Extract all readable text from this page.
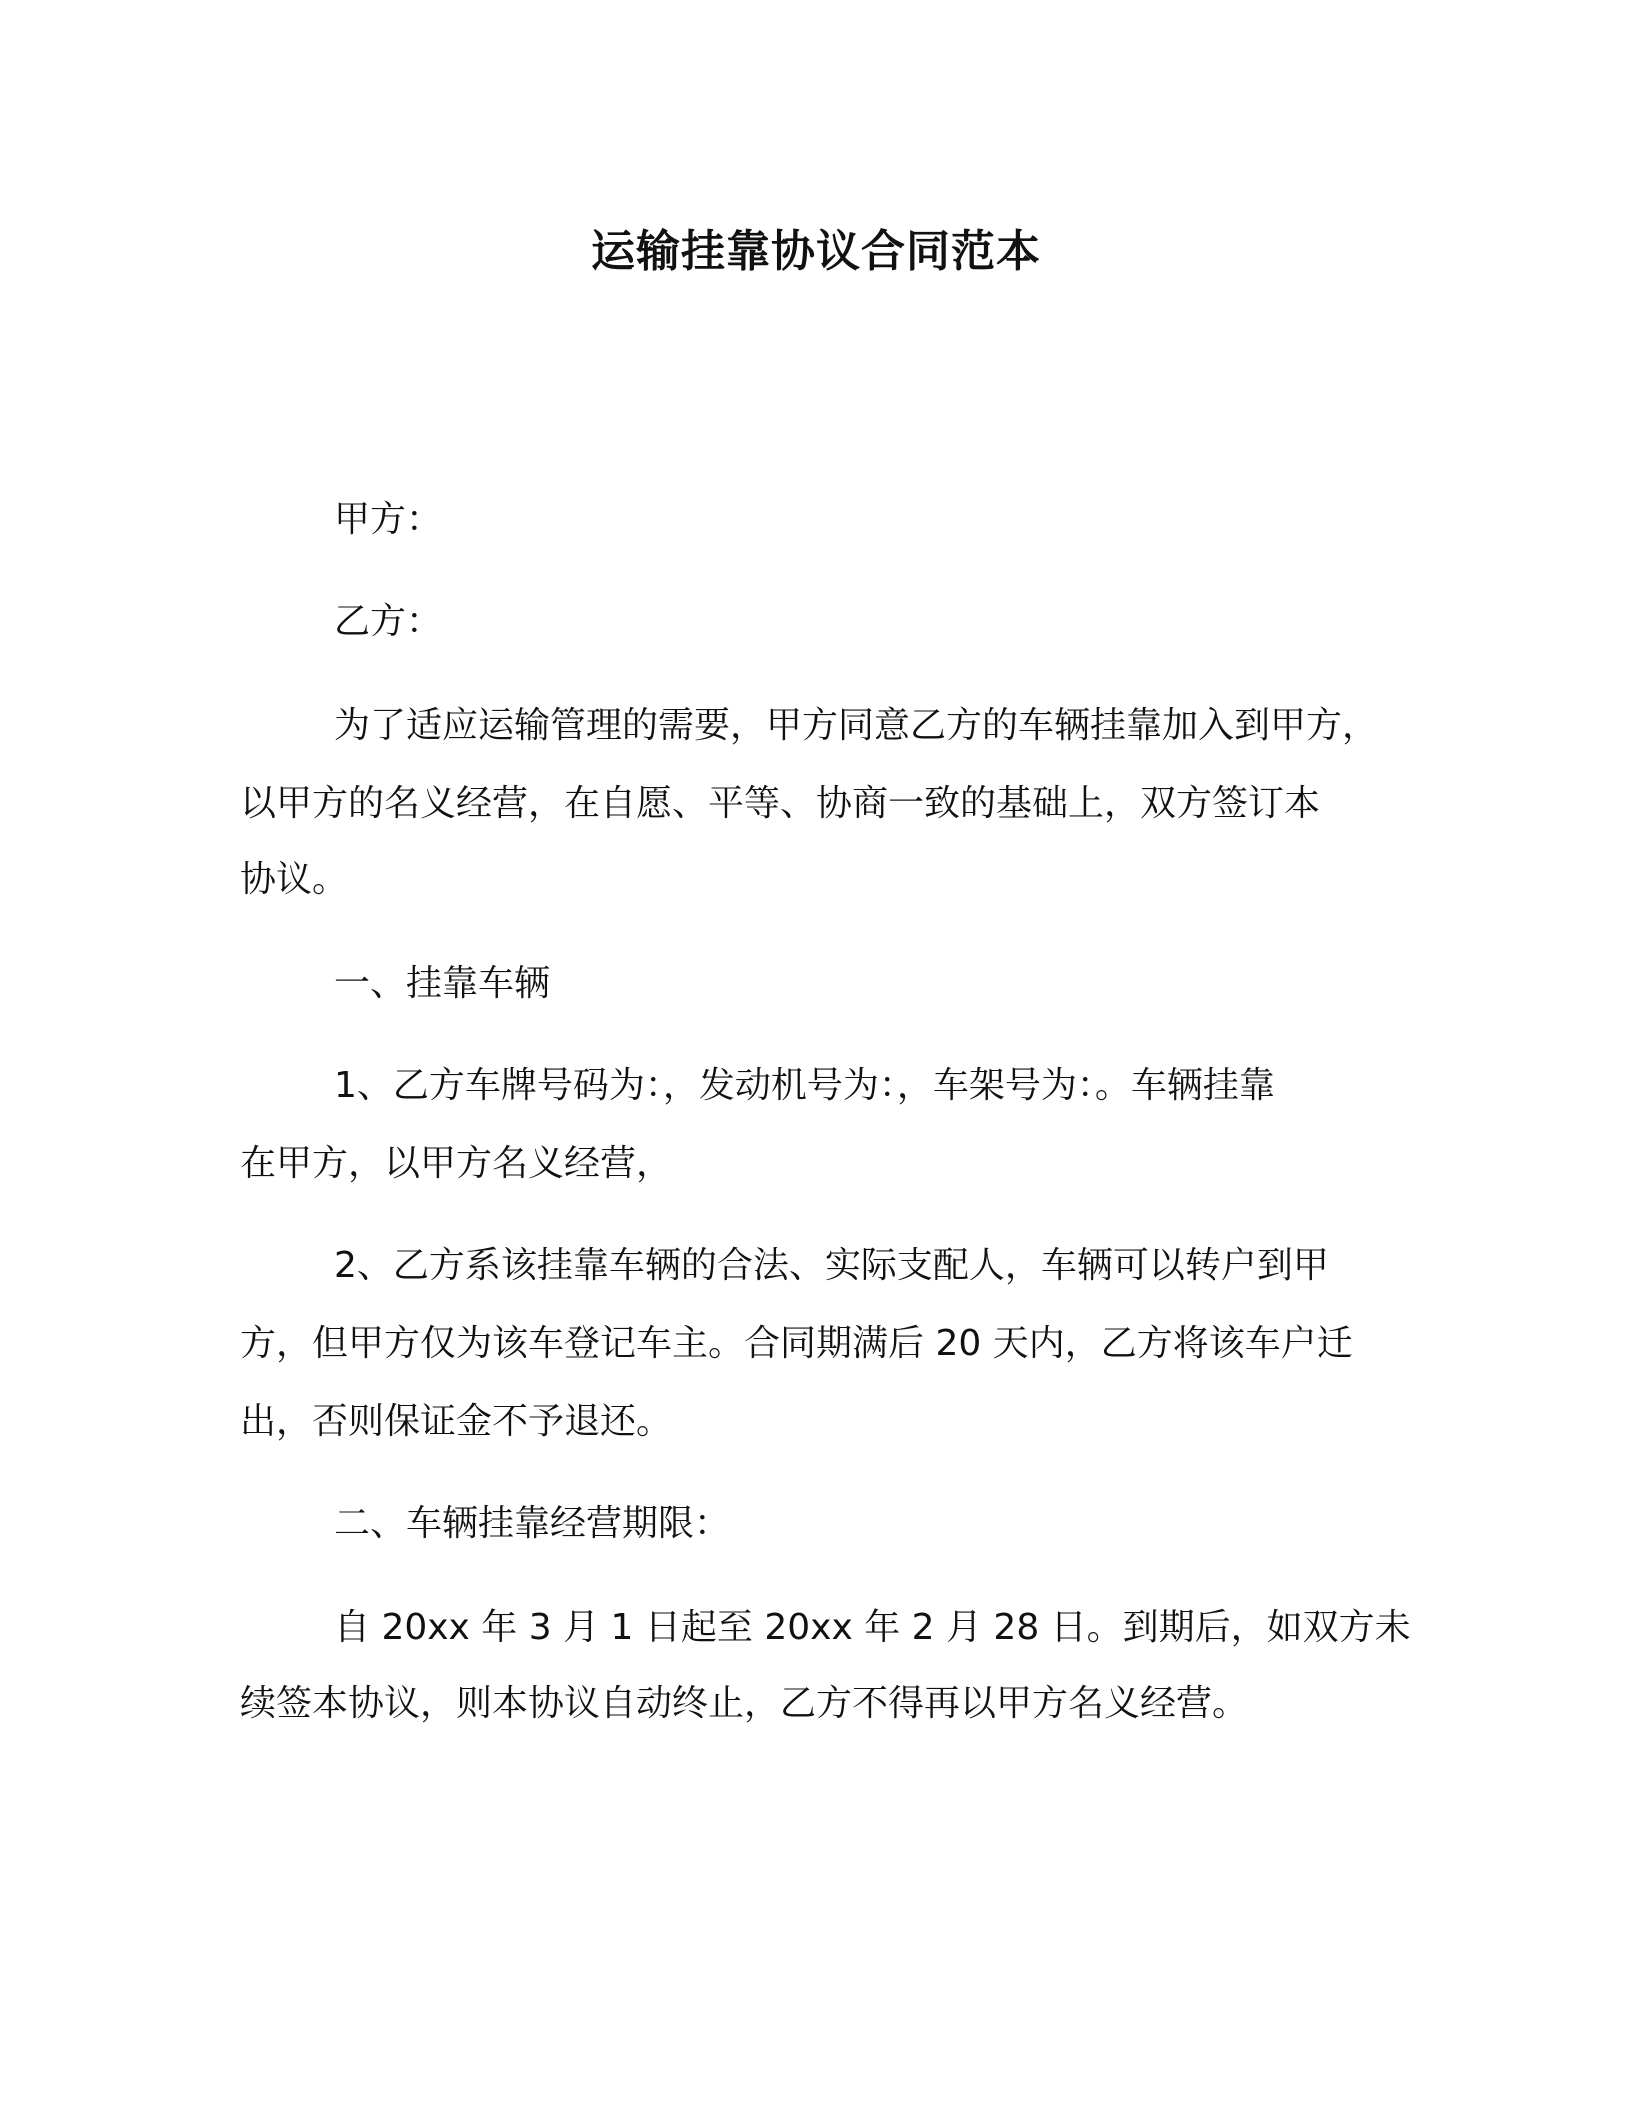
运输挂靠协议合同范本
甲方：
乙方：
为了适应运输管理的需要，甲方同意乙方的车辆挂靠加入到甲方，
以甲方的名义经营，在自愿、平等、协商一致的基础上，双方签订本
协议。
一、挂靠车辆
1、乙方车牌号码为：，发动机号为：，车架号为：。车辆挂靠
在甲方，以甲方名义经营，
2、乙方系该挂靠车辆的合法、实际支配人，车辆可以转户到甲
方，但甲方仅为该车登记车主。合同期满后 20 天内，乙方将该车户迁
出，否则保证金不予退还。
二、车辆挂靠经营期限：
自 20xx 年 3 月 1 日起至 20xx 年 2 月 28 日。到期后，如双方未
续签本协议，则本协议自动终止，乙方不得再以甲方名义经营。
